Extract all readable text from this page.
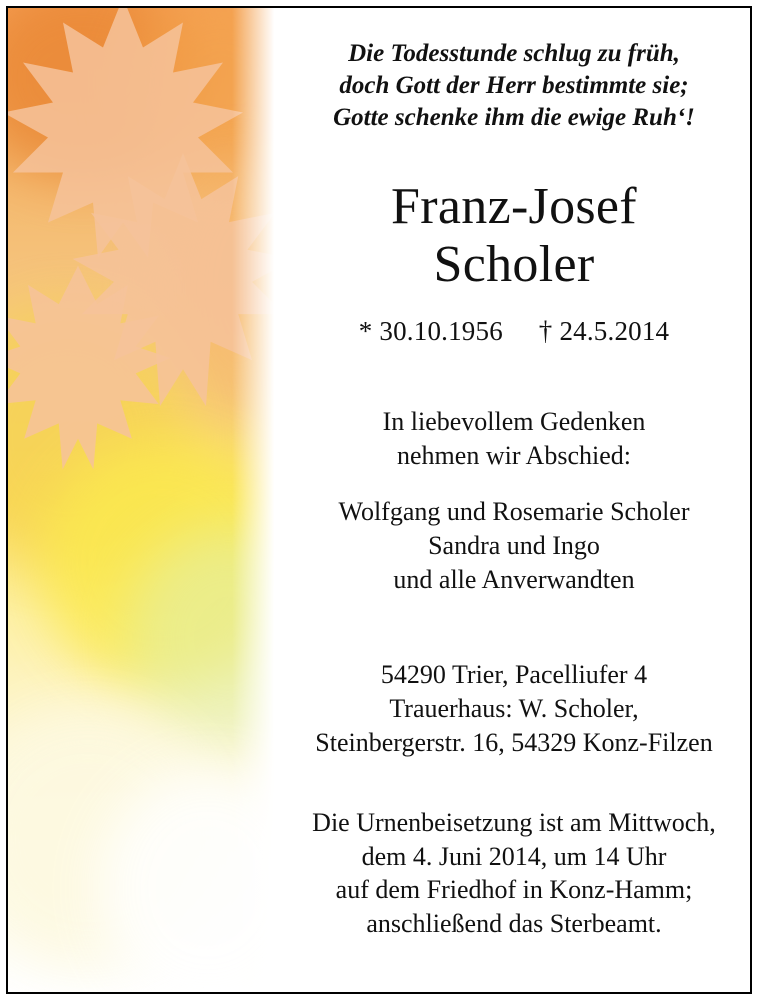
Die Todesstunde schlug zu früh,
doch Gott der Herr bestimmte sie;
Gotte schenke ihm die ewige Ruh‘!
Franz-Josef
Scholer
* 30.10.1956 † 24.5.2014
In liebevollem Gedenken
nehmen wir Abschied:
Wolfgang und Rosemarie Scholer
Sandra und Ingo
und alle Anverwandten
54290 Trier, Pacelliufer 4
Trauerhaus: W. Scholer,
Steinbergerstr. 16, 54329 Konz-Filzen
Die Urnenbeisetzung ist am Mittwoch,
dem 4. Juni 2014, um 14 Uhr
auf dem Friedhof in Konz-Hamm;
anschließend das Sterbeamt.
